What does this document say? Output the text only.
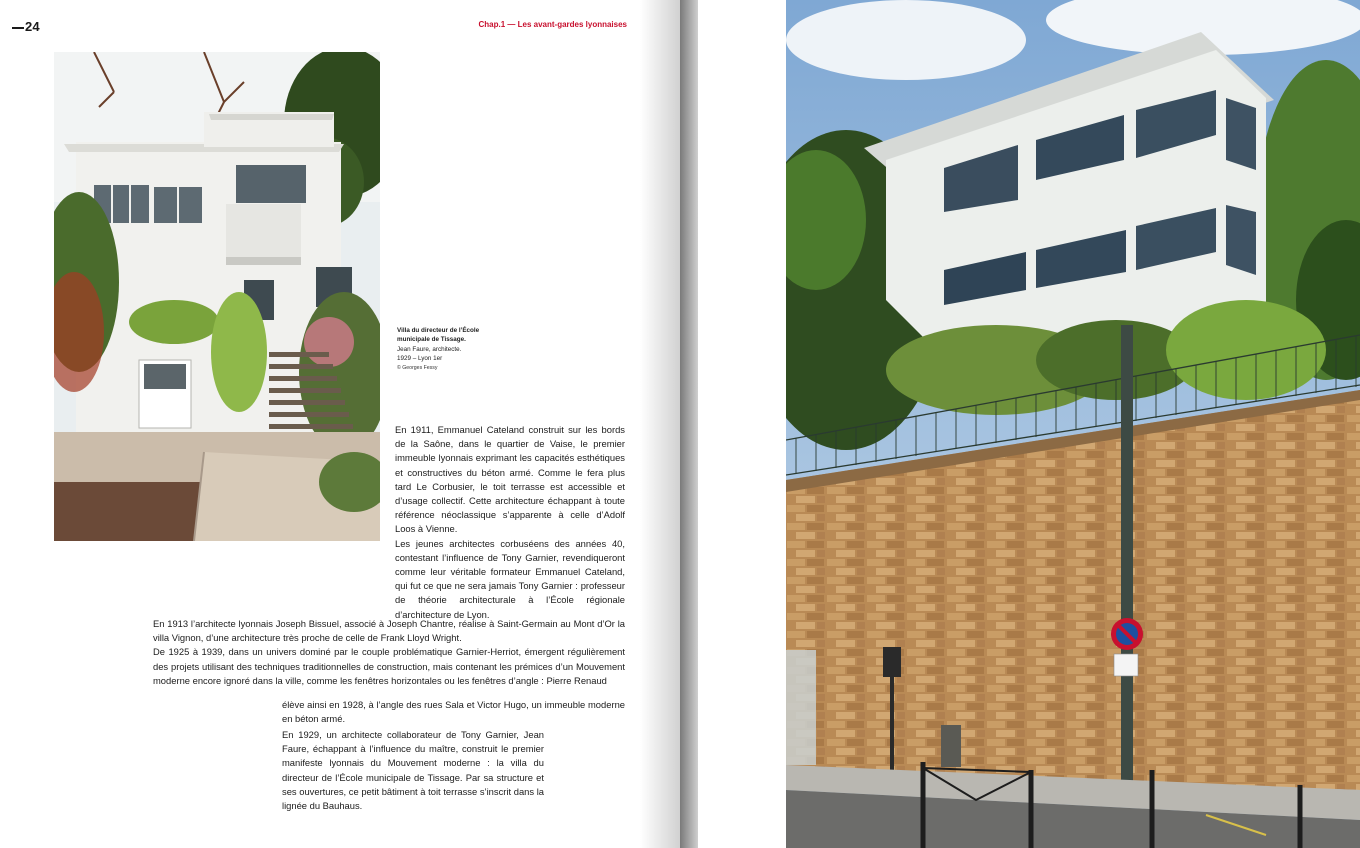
24	Chap.1 — Les avant-gardes lyonnaises
Villa du directeur de l’École municipale de Tissage.
Jean Faure, architecte.
1929 – Lyon 1er
© Georges Fessy

En 1911, Emmanuel Cateland construit sur les bords de la Saône, dans le quartier de Vaise, le premier immeuble lyonnais exprimant les capacités esthétiques et constructives du béton armé. Comme le fera plus tard Le Corbusier, le toit terrasse est accessible et d’usage collectif. Cette architecture échappant à toute référence néoclassique s’apparente à celle d’Adolf Loos à Vienne.

Les jeunes architectes corbuséens des années 40, contestant l’influence de Tony Garnier, revendiqueront comme leur véritable formateur Emmanuel Cateland, qui fut ce que ne sera jamais Tony Garnier : professeur de théorie architecturale à l’École régionale d’architecture de Lyon.

En 1913 l’architecte lyonnais Joseph Bissuel, associé à Joseph Chantre, réalise à Saint-Germain au Mont d’Or la villa Vignon, d’une architecture très proche de celle de Frank Lloyd Wright.

De 1925 à 1939, dans un univers dominé par le couple problématique Garnier-Herriot, émergent régulièrement des projets utilisant des techniques traditionnelles de construction, mais contenant les prémices d’un Mouvement moderne encore ignoré dans la ville, comme les fenêtres horizontales ou les fenêtres d’angle : Pierre Renaud

élève ainsi en 1928, à l’angle des rues Sala et Victor Hugo, un immeuble moderne en béton armé.

En 1929, un architecte collaborateur de Tony Garnier, Jean Faure, échappant à l’influence du maître, construit le premier manifeste lyonnais du Mouvement moderne : la villa du directeur de l’École municipale de Tissage. Par sa structure et ses ouvertures, ce petit bâtiment à toit terrasse s’inscrit dans la lignée du Bauhaus.
